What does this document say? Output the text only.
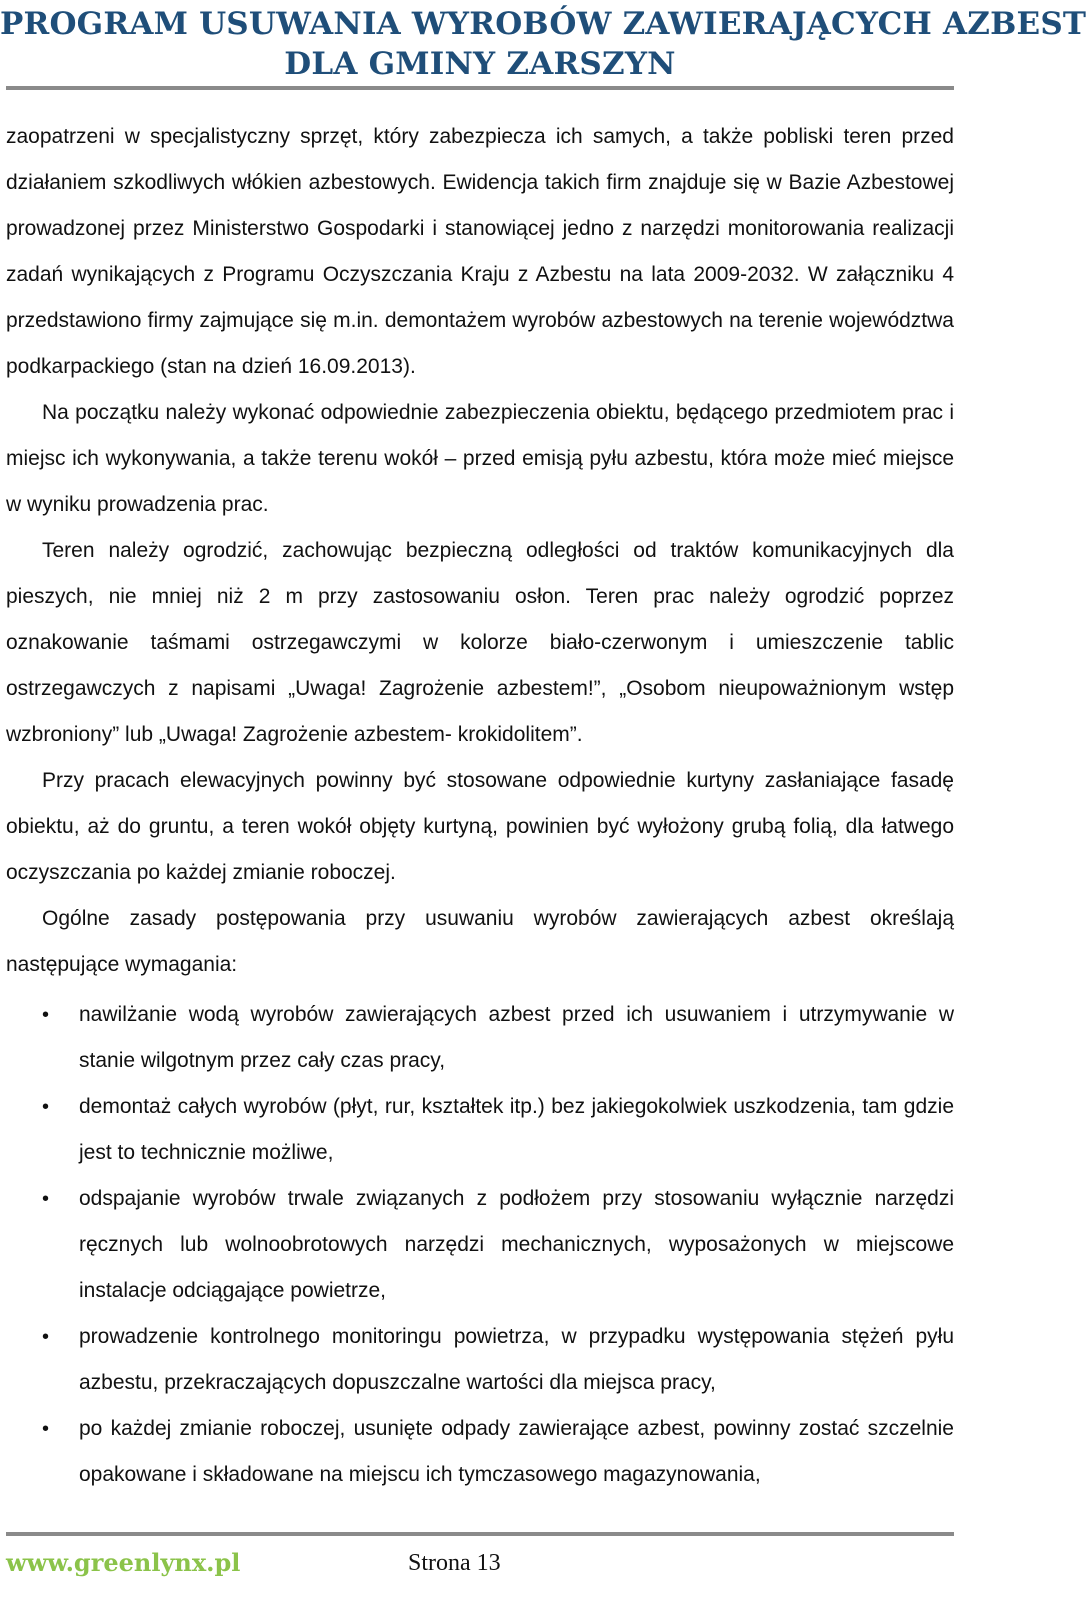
PROGRAM USUWANIA WYROBÓW ZAWIERAJĄCYCH AZBEST
DLA GMINY ZARSZYN

zaopatrzeni w specjalistyczny sprzęt, który zabezpiecza ich samych, a także pobliski teren przed działaniem szkodliwych włókien azbestowych. Ewidencja takich firm znajduje się w Bazie Azbestowej prowadzonej przez Ministerstwo Gospodarki i stanowiącej jedno z narzędzi monitorowania realizacji zadań wynikających z Programu Oczyszczania Kraju z Azbestu na lata 2009-2032. W załączniku 4 przedstawiono firmy zajmujące się m.in. demontażem wyrobów azbestowych na terenie województwa podkarpackiego (stan na dzień 16.09.2013).

Na początku należy wykonać odpowiednie zabezpieczenia obiektu, będącego przedmiotem prac i miejsc ich wykonywania, a także terenu wokół – przed emisją pyłu azbestu, która może mieć miejsce w wyniku prowadzenia prac.

Teren należy ogrodzić, zachowując bezpieczną odległości od traktów komunikacyjnych dla pieszych, nie mniej niż 2 m przy zastosowaniu osłon. Teren prac należy ogrodzić poprzez oznakowanie taśmami ostrzegawczymi w kolorze biało-czerwonym i umieszczenie tablic ostrzegawczych z napisami „Uwaga! Zagrożenie azbestem!”, „Osobom nieupoważnionym wstęp wzbroniony” lub „Uwaga! Zagrożenie azbestem- krokidolitem”.

Przy pracach elewacyjnych powinny być stosowane odpowiednie kurtyny zasłaniające fasadę obiektu, aż do gruntu, a teren wokół objęty kurtyną, powinien być wyłożony grubą folią, dla łatwego oczyszczania po każdej zmianie roboczej.

Ogólne zasady postępowania przy usuwaniu wyrobów zawierających azbest określają następujące wymagania:

• nawilżanie wodą wyrobów zawierających azbest przed ich usuwaniem i utrzymywanie w stanie wilgotnym przez cały czas pracy,
• demontaż całych wyrobów (płyt, rur, kształtek itp.) bez jakiegokolwiek uszkodzenia, tam gdzie jest to technicznie możliwe,
• odspajanie wyrobów trwale związanych z podłożem przy stosowaniu wyłącznie narzędzi ręcznych lub wolnoobrotowych narzędzi mechanicznych, wyposażonych w miejscowe instalacje odciągające powietrze,
• prowadzenie kontrolnego monitoringu powietrza, w przypadku występowania stężeń pyłu azbestu, przekraczających dopuszczalne wartości dla miejsca pracy,
• po każdej zmianie roboczej, usunięte odpady zawierające azbest, powinny zostać szczelnie opakowane i składowane na miejscu ich tymczasowego magazynowania,
www.greenlynx.pl	Strona 13
